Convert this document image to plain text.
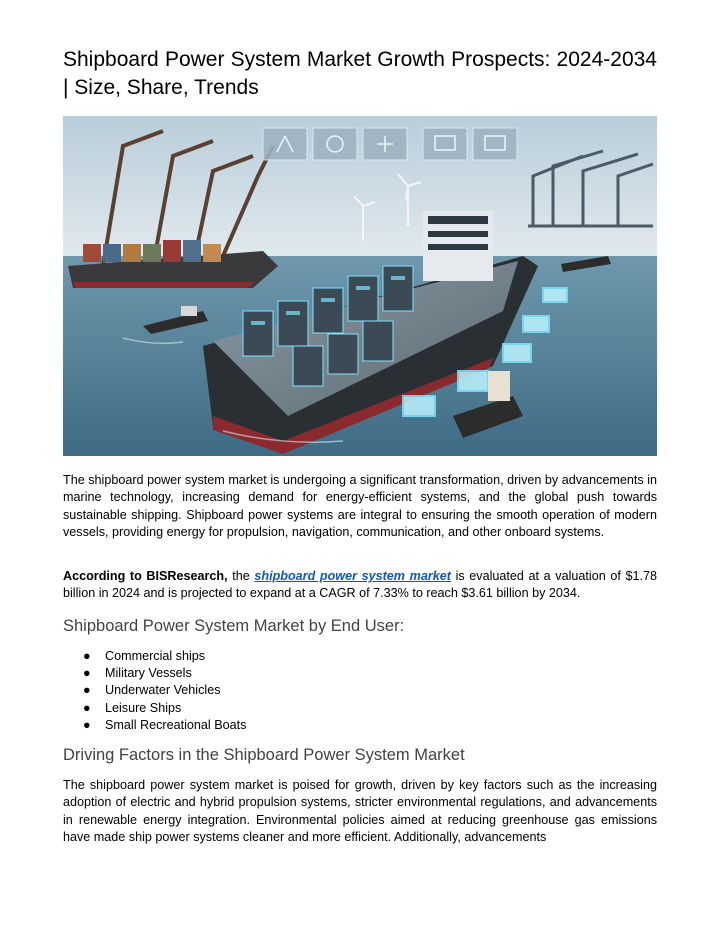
Shipboard Power System Market Growth Prospects: 2024-2034 | Size, Share, Trends

The shipboard power system market is undergoing a significant transformation, driven by advancements in marine technology, increasing demand for energy-efficient systems, and the global push towards sustainable shipping. Shipboard power systems are integral to ensuring the smooth operation of modern vessels, providing energy for propulsion, navigation, communication, and other onboard systems.

According to BISResearch, the shipboard power system market is evaluated at a valuation of $1.78 billion in 2024 and is projected to expand at a CAGR of 7.33% to reach $3.61 billion by 2034.

Shipboard Power System Market by End User:
● Commercial ships
● Military Vessels
● Underwater Vehicles
● Leisure Ships
● Small Recreational Boats
Driving Factors in the Shipboard Power System Market

The shipboard power system market is poised for growth, driven by key factors such as the increasing adoption of electric and hybrid propulsion systems, stricter environmental regulations, and advancements in renewable energy integration. Environmental policies aimed at reducing greenhouse gas emissions have made ship power systems cleaner and more efficient. Additionally, advancements
